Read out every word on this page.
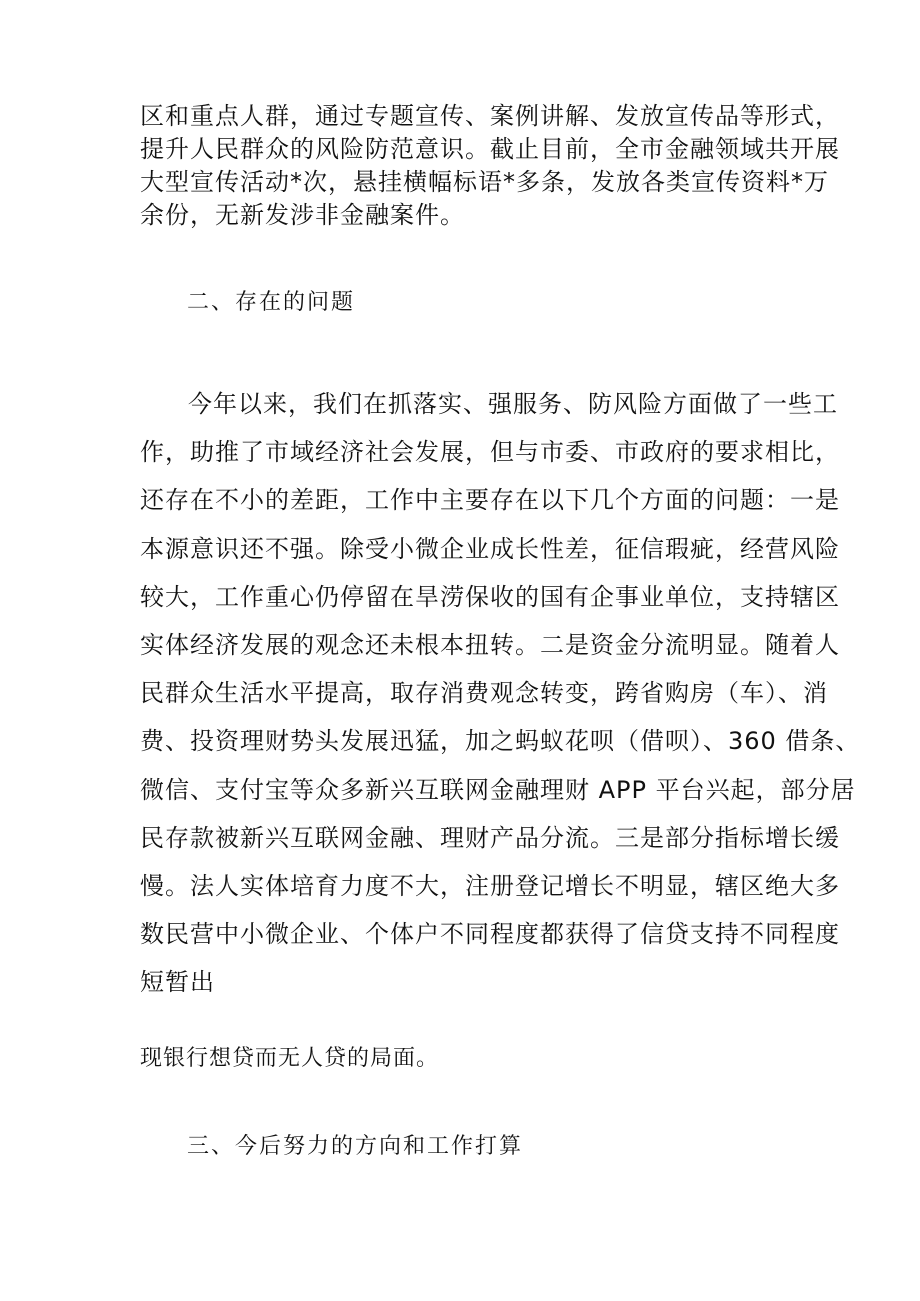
区和重点人群，通过专题宣传、案例讲解、发放宣传品等形式，
提升人民群众的风险防范意识。截止目前，全市金融领域共开展
大型宣传活动*次，悬挂横幅标语*多条，发放各类宣传资料*万
余份，无新发涉非金融案件。
二、存在的问题
今年以来，我们在抓落实、强服务、防风险方面做了一些工
作，助推了市域经济社会发展，但与市委、市政府的要求相比，
还存在不小的差距，工作中主要存在以下几个方面的问题：一是
本源意识还不强。除受小微企业成长性差，征信瑕疵，经营风险
较大，工作重心仍停留在旱涝保收的国有企事业单位，支持辖区
实体经济发展的观念还未根本扭转。二是资金分流明显。随着人
民群众生活水平提高，取存消费观念转变，跨省购房（车）、消
费、投资理财势头发展迅猛，加之蚂蚁花呗（借呗）、360 借条、
微信、支付宝等众多新兴互联网金融理财 APP 平台兴起，部分居
民存款被新兴互联网金融、理财产品分流。三是部分指标增长缓
慢。法人实体培育力度不大，注册登记增长不明显，辖区绝大多
数民营中小微企业、个体户不同程度都获得了信贷支持不同程度
短暂出
现银行想贷而无人贷的局面。
三、今后努力的方向和工作打算
